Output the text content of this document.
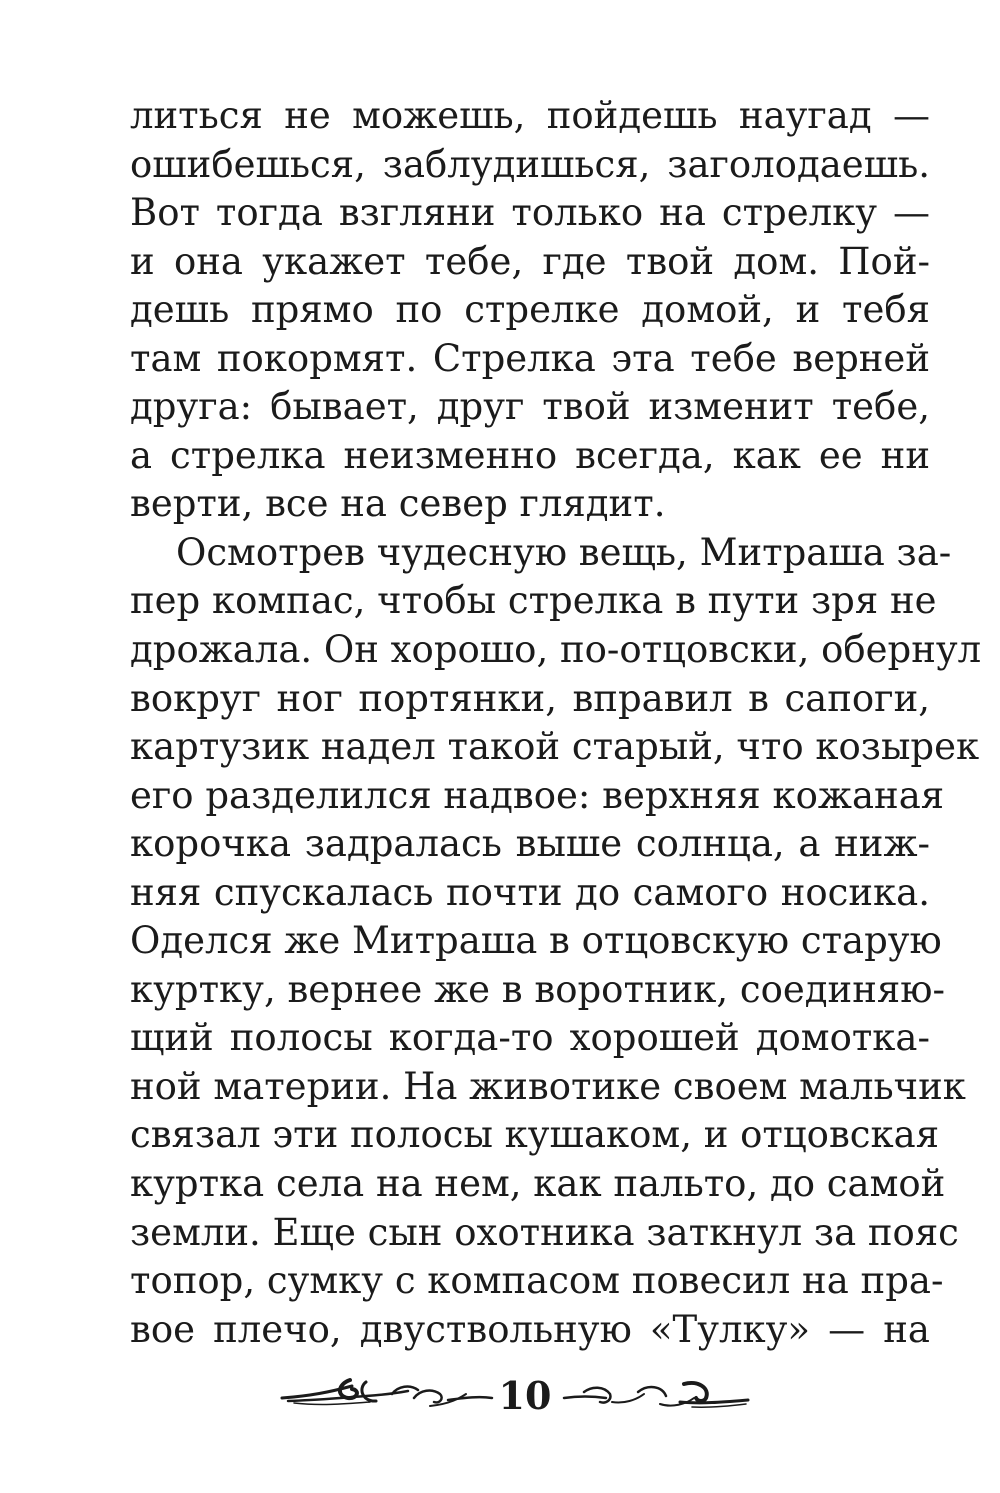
литься не можешь, пойдешь наугад —
ошибешься, заблудишься, заголодаешь.
Вот тогда взгляни только на стрелку —
и она укажет тебе, где твой дом. Пой-
дешь прямо по стрелке домой, и тебя
там покормят. Стрелка эта тебе верней
друга: бывает, друг твой изменит тебе,
а стрелка неизменно всегда, как ее ни
верти, все на север глядит.
Осмотрев чудесную вещь, Митраша за-
пер компас, чтобы стрелка в пути зря не
дрожала. Он хорошо, по-отцовски, обернул
вокруг ног портянки, вправил в сапоги,
картузик надел такой старый, что козырек
его разделился надвое: верхняя кожаная
корочка задралась выше солнца, а ниж-
няя спускалась почти до самого носика.
Оделся же Митраша в отцовскую старую
куртку, вернее же в воротник, соединяю-
щий полосы когда-то хорошей домотка-
ной материи. На животике своем мальчик
связал эти полосы кушаком, и отцовская
куртка села на нем, как пальто, до самой
земли. Еще сын охотника заткнул за пояс
топор, сумку с компасом повесил на пра-
вое плечо, двуствольную «Тулку» — на
10
